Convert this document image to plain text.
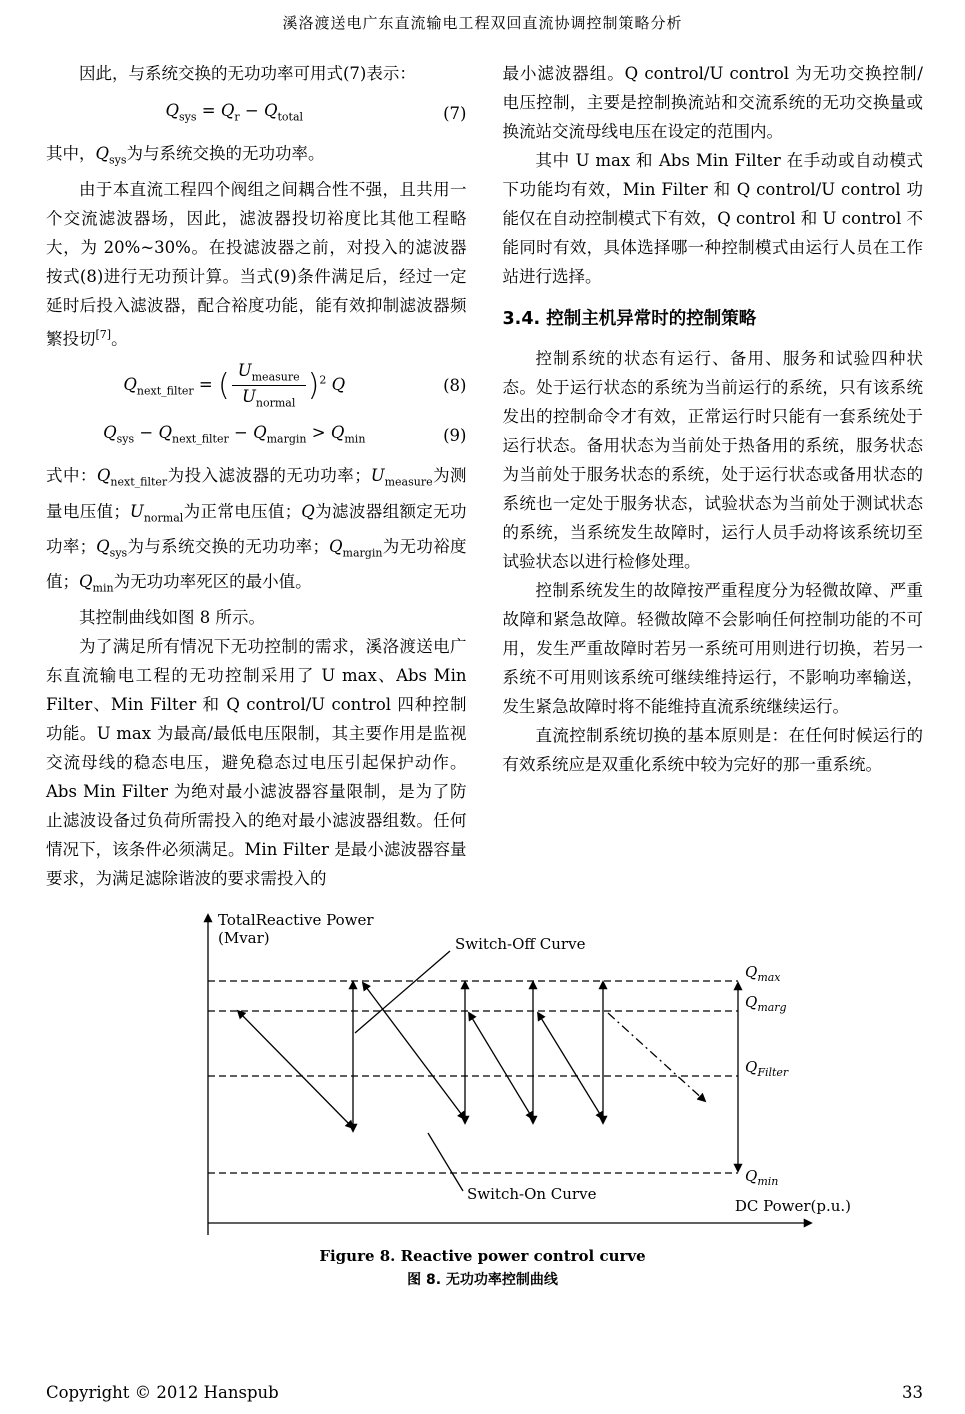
溪洛渡送电广东直流输电工程双回直流协调控制策略分析

因此，与系统交换的无功功率可用式(7)表示：

$Q_{sys} = Q_r - Q_{total}$	(7)

其中，$Q_{sys}$为与系统交换的无功功率。

由于本直流工程四个阀组之间耦合性不强，且共用一个交流滤波器场，因此，滤波器投切裕度比其他工程略大，为 20%~30%。在投滤波器之前，对投入的滤波器按式(8)进行无功预计算。当式(9)条件满足后，经过一定延时后投入滤波器，配合裕度功能，能有效抑制滤波器频繁投切[7]。

$Q_{next\_filter}$ = ( $\frac{U_{measure}}{U_{normal}} )^2$ Q	(8)
$Q_{sys} - Q_{next\_filter} - Q_{margin} > Q_{min}$	(9)

式中：$Q_{next\_filter}$为投入滤波器的无功功率；$U_{measure}$为测量电压值；$U_{normal}$为正常电压值；Q为滤波器组额定无功功率；$Q_{sys}$为与系统交换的无功功率；$Q_{margin}$为无功裕度值；$Q_{min}$为无功功率死区的最小值。

其控制曲线如图 8 所示。

为了满足所有情况下无功控制的需求，溪洛渡送电广东直流输电工程的无功控制采用了 U max、Abs Min Filter、Min Filter 和 Q control/U control 四种控制功能。U max 为最高/最低电压限制，其主要作用是监视交流母线的稳态电压，避免稳态过电压引起保护动作。Abs Min Filter 为绝对最小滤波器容量限制，是为了防止滤波设备过负荷所需投入的绝对最小滤波器组数。任何情况下，该条件必须满足。Min Filter 是最小滤波器容量要求，为满足滤除谐波的要求需投入的

最小滤波器组。Q control/U control 为无功交换控制/电压控制，主要是控制换流站和交流系统的无功交换量或换流站交流母线电压在设定的范围内。

其中 U max 和 Abs Min Filter 在手动或自动模式下功能均有效，Min Filter 和 Q control/U control 功能仅在自动控制模式下有效，Q control 和 U control 不能同时有效，具体选择哪一种控制模式由运行人员在工作站进行选择。

3.4. 控制主机异常时的控制策略

控制系统的状态有运行、备用、服务和试验四种状态。处于运行状态的系统为当前运行的系统，只有该系统发出的控制命令才有效，正常运行时只能有一套系统处于运行状态。备用状态为当前处于热备用的系统，服务状态为当前处于服务状态的系统，处于运行状态或备用状态的系统也一定处于服务状态，试验状态为当前处于测试状态的系统，当系统发生故障时，运行人员手动将该系统切至试验状态以进行检修处理。

控制系统发生的故障按严重程度分为轻微故障、严重故障和紧急故障。轻微故障不会影响任何控制功能的不可用，发生严重故障时若另一系统可用则进行切换，若另一系统不可用则该系统可继续维持运行，不影响功率输送，发生紧急故障时将不能维持直流系统继续运行。

直流控制系统切换的基本原则是：在任何时候运行的有效系统应是双重化系统中较为完好的那一重系统。

TotalReactive Power
(Mvar)
DC Power(p.u.)
$Q_{max}$
$Q_{marg}$
$Q_{Filter}$
$Q_{min}$
Switch-Off Curve
Switch-On Curve
Figure 8. Reactive power control curve
图 8. 无功功率控制曲线
Copyright © 2012 Hanspub	33
